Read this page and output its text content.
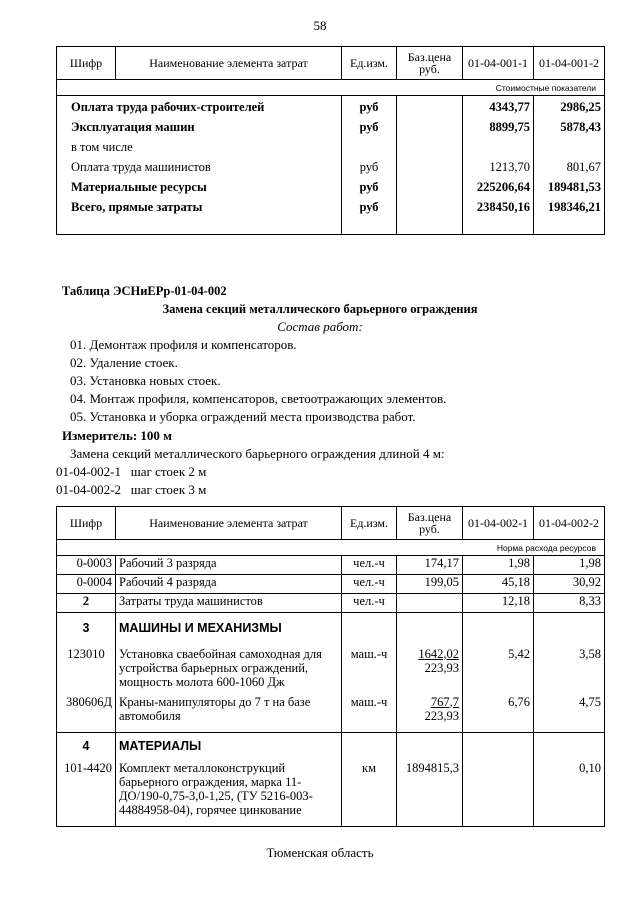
58
Шифр	Наименование элемента затрат	Ед.изм.	Баз.цена
руб.	01-04-001-1	01-04-001-2
Стоимостные показатели					

Оплата труда рабочих-строителей		руб		4343,77	2986,25
Эксплуатация машин		руб		8899,75	5878,43
в том числе					
Оплата труда машинистов		руб		1213,70	801,67
Материальные ресурсы		руб		225206,64	189481,53
Всего, прямые затраты		руб		238450,16	198346,21

Таблица ЭСНиЕРр-01-04-002
Замена секций металлического барьерного ограждения
Состав работ:
01. Демонтаж профиля и компенсаторов.
02. Удаление стоек.
03. Установка новых стоек.
04. Монтаж профиля, компенсаторов, светоотражающих элементов.
05. Установка и уборка ограждений места производства работ.
Измеритель: 100 м
Замена секций металлического барьерного ограждения длиной 4 м:
01-04-002-1 шаг стоек 2 м
01-04-002-2 шаг стоек 3 м
Шифр	Наименование элемента затрат	Ед.изм.	Баз.цена
руб.	01-04-002-1	01-04-002-2
Норма расхода ресурсов					
0-0003	Рабочий 3 разряда	чел.-ч	174,17	1,98	1,98
0-0004	Рабочий 4 разряда	чел.-ч	199,05	45,18	30,92
2	Затраты труда машинистов	чел.-ч		12,18	8,33
3	МАШИНЫ И МЕХАНИЗМЫ				
123010	Установка сваебойная самоходная для устройства барьерных ограждений, мощность молота 600-1060 Дж	маш.-ч	1642,02
223,93	5,42	3,58
380606Д	Краны-манипуляторы до 7 т на базе автомобиля	маш.-ч	767,7
223,93	6,76	4,75
4	МАТЕРИАЛЫ				
101-4420	Комплект металлоконструкций барьерного ограждения, марка 11-ДО/190-0,75-3,0-1,25, (ТУ 5216-003-44884958-04), горячее цинкование	км	1894815,3		0,10
Тюменская область
